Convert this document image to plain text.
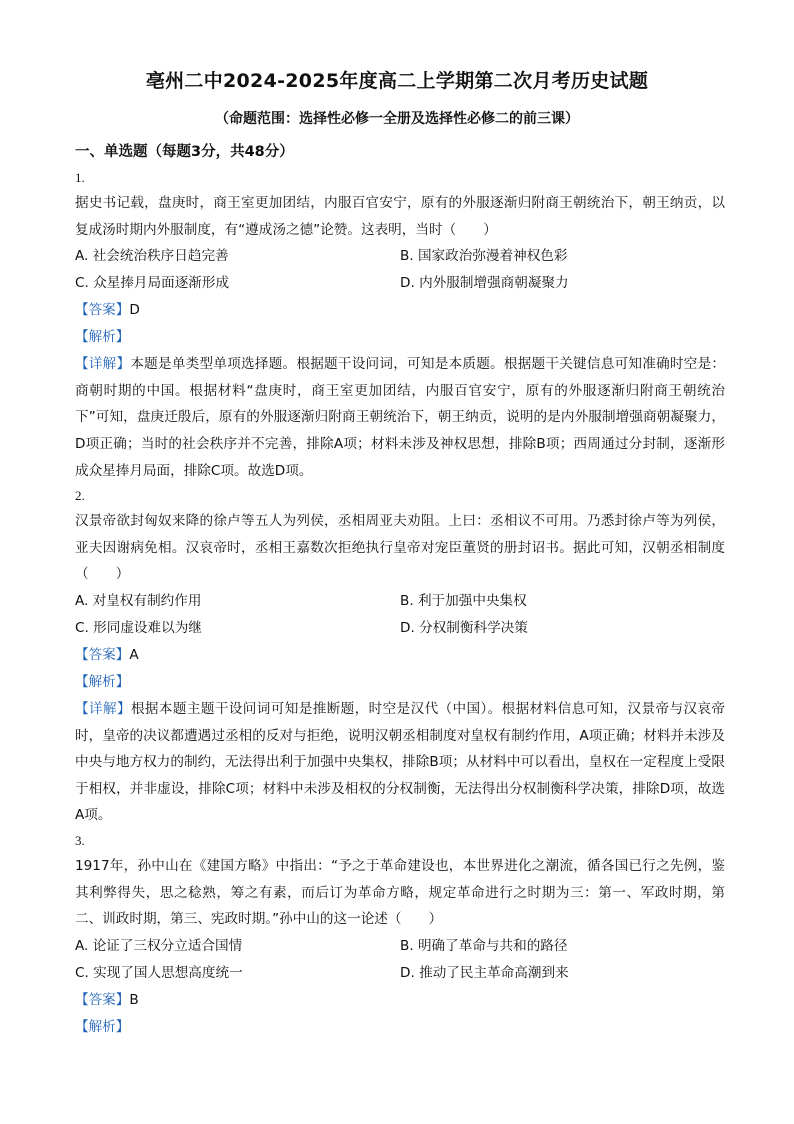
亳州二中2024-2025年度高二上学期第二次月考历史试题
（命题范围：选择性必修一全册及选择性必修二的前三课）
一、单选题（每题3分，共48分）
1.

据史书记载，盘庚时，商王室更加团结，内服百官安宁，原有的外服逐渐归附商王朝统治下，朝王纳贡，以复成汤时期内外服制度，有“遵成汤之德”论赞。这表明，当时（　　）

A. 社会统治秩序日趋完善	B. 国家政治弥漫着神权色彩
C. 众星捧月局面逐渐形成	D. 内外服制增强商朝凝聚力
【答案】D
【解析】

【详解】本题是单类型单项选择题。根据题干设问词，可知是本质题。根据题干关键信息可知准确时空是：商朝时期的中国。根据材料“盘庚时，商王室更加团结，内服百官安宁，原有的外服逐渐归附商王朝统治下”可知，盘庚迁殷后，原有的外服逐渐归附商王朝统治下，朝王纳贡，说明的是内外服制增强商朝凝聚力，D项正确；当时的社会秩序并不完善，排除A项；材料未涉及神权思想，排除B项；西周通过分封制，逐渐形成众星捧月局面，排除C项。故选D项。

2.

汉景帝欲封匈奴来降的徐卢等五人为列侯，丞相周亚夫劝阻。上曰：丞相议不可用。乃悉封徐卢等为列侯，亚夫因谢病免相。汉哀帝时，丞相王嘉数次拒绝执行皇帝对宠臣董贤的册封诏书。据此可知，汉朝丞相制度（　　）

A. 对皇权有制约作用	B. 利于加强中央集权
C. 形同虚设难以为继	D. 分权制衡科学决策
【答案】A
【解析】

【详解】根据本题主题干设问词可知是推断题，时空是汉代（中国）。根据材料信息可知，汉景帝与汉哀帝时，皇帝的决议都遭遇过丞相的反对与拒绝，说明汉朝丞相制度对皇权有制约作用，A项正确；材料并未涉及中央与地方权力的制约，无法得出利于加强中央集权，排除B项；从材料中可以看出，皇权在一定程度上受限于相权，并非虚设，排除C项；材料中未涉及相权的分权制衡，无法得出分权制衡科学决策，排除D项，故选A项。

3.

1917年，孙中山在《建国方略》中指出：“予之于革命建设也，本世界进化之潮流，循各国已行之先例，鉴其利弊得失，思之稔熟，筹之有素，而后订为革命方略，规定革命进行之时期为三：第一、军政时期，第二、训政时期，第三、宪政时期。”孙中山的这一论述（　　）

A. 论证了三权分立适合国情	B. 明确了革命与共和的路径
C. 实现了国人思想高度统一	D. 推动了民主革命高潮到来
【答案】B
【解析】
